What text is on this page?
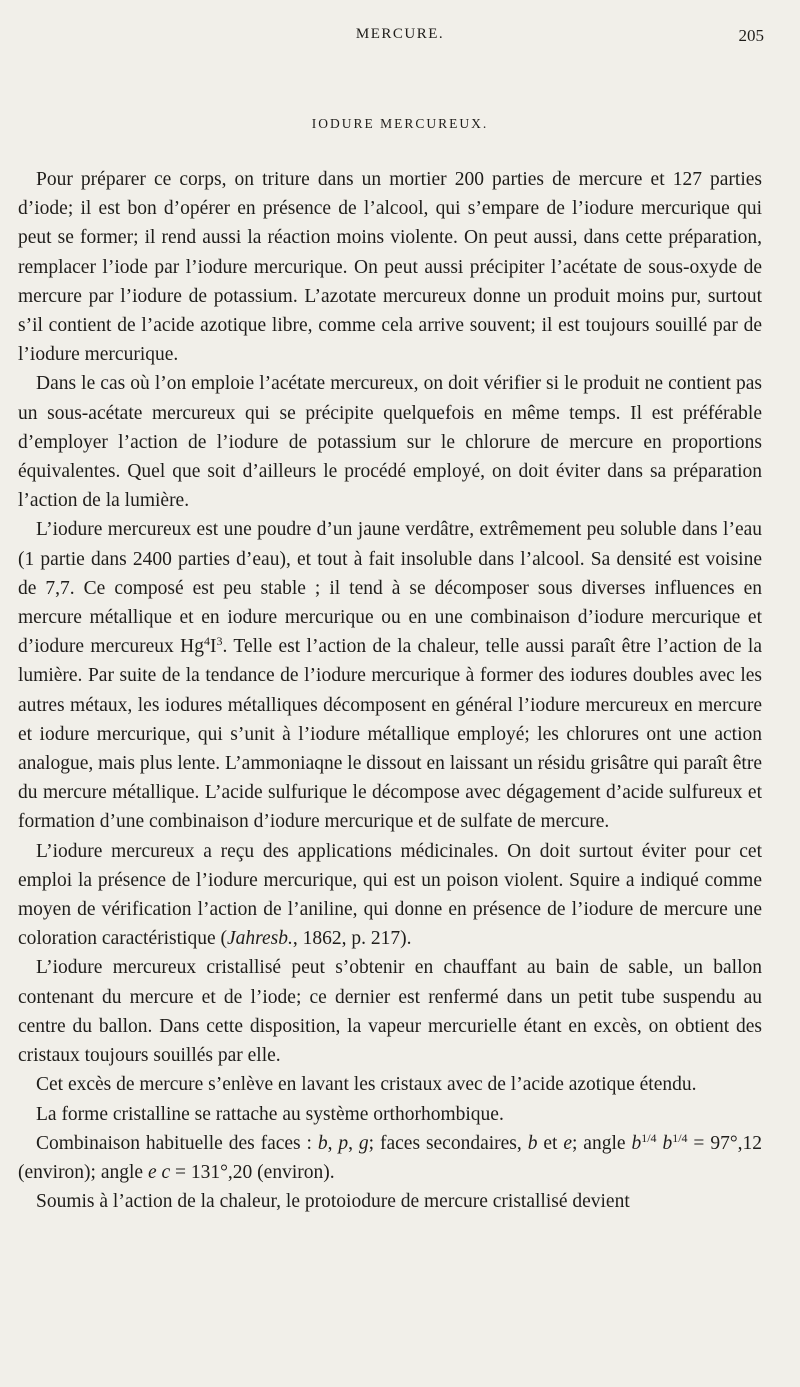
MERCURE.	205
IODURE MERCUREUX.

Pour préparer ce corps, on triture dans un mortier 200 parties de mercure et 127 parties d’iode; il est bon d’opérer en présence de l’alcool, qui s’empare de l’iodure mercurique qui peut se former; il rend aussi la réaction moins violente. On peut aussi, dans cette préparation, remplacer l’iode par l’iodure mercurique. On peut aussi précipiter l’acétate de sous-oxyde de mercure par l’iodure de potassium. L’azotate mercureux donne un produit moins pur, surtout s’il contient de l’acide azotique libre, comme cela arrive souvent; il est toujours souillé par de l’iodure mercurique.

Dans le cas où l’on emploie l’acétate mercureux, on doit vérifier si le produit ne contient pas un sous-acétate mercureux qui se précipite quelquefois en même temps. Il est préférable d’employer l’action de l’iodure de potassium sur le chlorure de mercure en proportions équivalentes. Quel que soit d’ailleurs le procédé employé, on doit éviter dans sa préparation l’action de la lumière.

L’iodure mercureux est une poudre d’un jaune verdâtre, extrêmement peu soluble dans l’eau (1 partie dans 2400 parties d’eau), et tout à fait insoluble dans l’alcool. Sa densité est voisine de 7,7. Ce composé est peu stable ; il tend à se décomposer sous diverses influences en mercure métallique et en iodure mercurique ou en une combinaison d’iodure mercurique et d’iodure mercureux $Hg^4I^3$. Telle est l’action de la chaleur, telle aussi paraît être l’action de la lumière. Par suite de la tendance de l’iodure mercurique à former des iodures doubles avec les autres métaux, les iodures métalliques décomposent en général l’iodure mercureux en mercure et iodure mercurique, qui s’unit à l’iodure métallique employé; les chlorures ont une action analogue, mais plus lente. L’ammoniaqne le dissout en laissant un résidu grisâtre qui paraît être du mercure métallique. L’acide sulfurique le décompose avec dégagement d’acide sulfureux et formation d’une combinaison d’iodure mercurique et de sulfate de mercure.

L’iodure mercureux a reçu des applications médicinales. On doit surtout éviter pour cet emploi la présence de l’iodure mercurique, qui est un poison violent. Squire a indiqué comme moyen de vérification l’action de l’aniline, qui donne en présence de l’iodure de mercure une coloration caractéristique (Jahresb., 1862, p. 217).

L’iodure mercureux cristallisé peut s’obtenir en chauffant au bain de sable, un ballon contenant du mercure et de l’iode; ce dernier est renfermé dans un petit tube suspendu au centre du ballon. Dans cette disposition, la vapeur mercurielle étant en excès, on obtient des cristaux toujours souillés par elle.

Cet excès de mercure s’enlève en lavant les cristaux avec de l’acide azotique étendu.

La forme cristalline se rattache au système orthorhombique.

Combinaison habituelle des faces : b, p, g; faces secondaires, b et e; angle $b^{1/4}$ $b^{1/4} = 97^\circ,12$ (environ); angle e c = 131°,20 (environ).

Soumis à l’action de la chaleur, le protoiodure de mercure cristallisé devient
